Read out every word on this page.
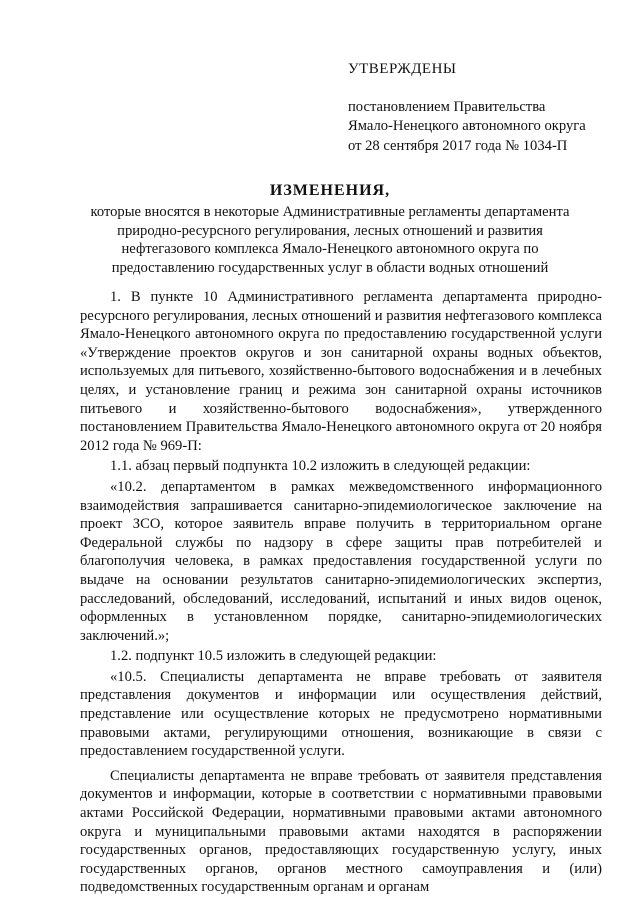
УТВЕРЖДЕНЫ
постановлением Правительства
Ямало-Ненецкого автономного округа
от 28 сентября 2017 года № 1034-П
ИЗМЕНЕНИЯ,
которые вносятся в некоторые Административные регламенты департамента
природно-ресурсного регулирования, лесных отношений и развития
нефтегазового комплекса Ямало-Ненецкого автономного округа по
предоставлению государственных услуг в области водных отношений

1. В пункте 10 Административного регламента департамента природно-ресурсного регулирования, лесных отношений и развития нефтегазового комплекса Ямало-Ненецкого автономного округа по предоставлению государственной услуги «Утверждение проектов округов и зон санитарной охраны водных объектов, используемых для питьевого, хозяйственно-бытового водоснабжения и в лечебных целях, и установление границ и режима зон санитарной охраны источников питьевого и хозяйственно-бытового водоснабжения», утвержденного постановлением Правительства Ямало-Ненецкого автономного округа от 20 ноября 2012 года № 969-П:

1.1. абзац первый подпункта 10.2 изложить в следующей редакции:

«10.2. департаментом в рамках межведомственного информационного взаимодействия запрашивается санитарно-эпидемиологическое заключение на проект ЗСО, которое заявитель вправе получить в территориальном органе Федеральной службы по надзору в сфере защиты прав потребителей и благополучия человека, в рамках предоставления государственной услуги по выдаче на основании результатов санитарно-эпидемиологических экспертиз, расследований, обследований, исследований, испытаний и иных видов оценок, оформленных в установленном порядке, санитарно-эпидемиологических заключений.»;

1.2. подпункт 10.5 изложить в следующей редакции:

«10.5. Специалисты департамента не вправе требовать от заявителя представления документов и информации или осуществления действий, представление или осуществление которых не предусмотрено нормативными правовыми актами, регулирующими отношения, возникающие в связи с предоставлением государственной услуги.

Специалисты департамента не вправе требовать от заявителя представления документов и информации, которые в соответствии с нормативными правовыми актами Российской Федерации, нормативными правовыми актами автономного округа и муниципальными правовыми актами находятся в распоряжении государственных органов, предоставляющих государственную услугу, иных государственных органов, органов местного самоуправления и (или) подведомственных государственным органам и органам
